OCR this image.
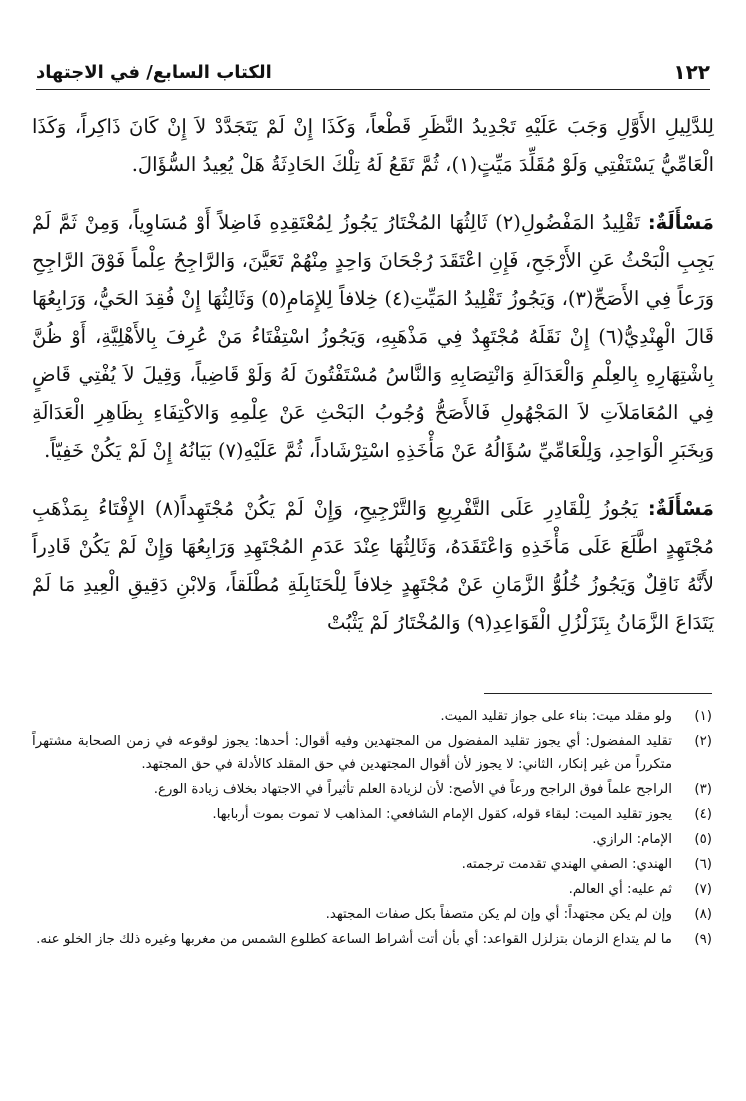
١٢٢
الكتاب السابع/ في الاجتهاد

لِلدَّلِيلِ الأَوَّلِ وَجَبَ عَلَيْهِ تَجْدِيدُ النَّظَرِ قَطْعاً، وَكَذَا إِنْ لَمْ يَتَجَدَّدْ لاَ إِنْ كَانَ ذَاكِراً، وَكَذَا الْعَامِّيُّ يَسْتَفْتِي وَلَوْ مُقَلِّدَ مَيِّتٍ(١)، ثُمَّ تَقَعُ لَهُ تِلْكَ الحَادِثَةُ هَلْ يُعِيدُ السُّؤَالَ.

مَسْأَلَةٌ: تَقْلِيدُ المَفْضُولِ(٢) ثَالِثُهَا المُخْتَارُ يَجُوزُ لِمُعْتَقِدِهِ فَاضِلاً أَوْ مُسَاوِياً، وَمِنْ ثَمَّ لَمْ يَجِبِ الْبَحْثُ عَنِ الأَرْجَحِ، فَإِنِ اعْتَقَدَ رُجْحَانَ وَاحِدٍ مِنْهُمْ تَعَيَّنَ، وَالرَّاجِحُ عِلْماً فَوْقَ الرَّاجِحِ وَرَعاً فِي الأَصَحِّ(٣)، وَيَجُوزُ تَقْلِيدُ المَيِّتِ(٤) خِلافاً لِلإِمَامِ(٥) وَثَالِثُهَا إِنْ فُقِدَ الحَيُّ، وَرَابِعُهَا قَالَ الْهِنْدِيُّ(٦) إِنْ نَقَلَهُ مُجْتَهِدٌ فِي مَذْهَبِهِ، وَيَجُوزُ اسْتِفْتَاءُ مَنْ عُرِفَ بِالأَهْلِيَّةِ، أَوْ ظُنَّ بِاشْتِهَارِهِ بِالعِلْمِ وَالْعَدَالَةِ وَانْتِصَابِهِ وَالنَّاسُ مُسْتَفْتُونَ لَهُ وَلَوْ قَاضِياً، وَقِيلَ لاَ يُفْتِي قَاضٍ فِي المُعَامَلاَتِ لاَ المَجْهُولِ فَالأَصَحُّ وُجُوبُ البَحْثِ عَنْ عِلْمِهِ وَالاكْتِفَاءِ بِظَاهِرِ الْعَدَالَةِ وَبِخَبَرِ الْوَاحِدِ، وَلِلْعَامِّيِّ سُؤَالُهُ عَنْ مَأْخَذِهِ اسْتِرْشَاداً، ثُمَّ عَلَيْهِ(٧) بَيَانُهُ إِنْ لَمْ يَكُنْ خَفِيّاً.

مَسْأَلَةٌ: يَجُوزُ لِلْقَادِرِ عَلَى التَّفْرِيعِ وَالتَّرْجِيحِ، وَإِنْ لَمْ يَكُنْ مُجْتَهِداً(٨) الإِفْتَاءُ بِمَذْهَبِ مُجْتَهِدٍ اطَّلَعَ عَلَى مَأْخَذِهِ وَاعْتَقَدَهُ، وَثَالِثُهَا عِنْدَ عَدَمِ المُجْتَهِدِ وَرَابِعُهَا وَإِنْ لَمْ يَكُنْ قَادِراً لأَنَّهُ نَاقِلٌ وَيَجُوزُ خُلُوُّ الزَّمَانِ عَنْ مُجْتَهِدٍ خِلافاً لِلْحَنَابِلَةِ مُطْلَقاً، وَلابْنِ دَقِيقِ الْعِيدِ مَا لَمْ يَتَدَاعَ الزَّمَانُ بِتَزَلْزُلِ الْقَوَاعِدِ(٩) وَالمُخْتَارُ لَمْ يَثْبُتْ

(١)
ولو مقلد ميت: بناء على جواز تقليد الميت.
(٢)
تقليد المفضول: أي يجوز تقليد المفضول من المجتهدين وفيه أقوال: أحدها: يجوز لوقوعه في زمن الصحابة مشتهراً متكرراً من غير إنكار، الثاني: لا يجوز لأن أقوال المجتهدين في حق المقلد كالأدلة في حق المجتهد.
(٣)
الراجح علماً فوق الراجح ورعاً في الأصح: لأن لزيادة العلم تأثيراً في الاجتهاد بخلاف زيادة الورع.
(٤)
يجوز تقليد الميت: لبقاء قوله، كقول الإمام الشافعي: المذاهب لا تموت بموت أربابها.
(٥)
الإمام: الرازي.
(٦)
الهندي: الصفي الهندي تقدمت ترجمته.
(٧)
ثم عليه: أي العالم.
(٨)
وإن لم يكن مجتهداً: أي وإن لم يكن متصفاً بكل صفات المجتهد.
(٩)
ما لم يتداع الزمان بتزلزل القواعد: أي بأن أتت أشراط الساعة كطلوع الشمس من مغربها وغيره ذلك جاز الخلو عنه.
